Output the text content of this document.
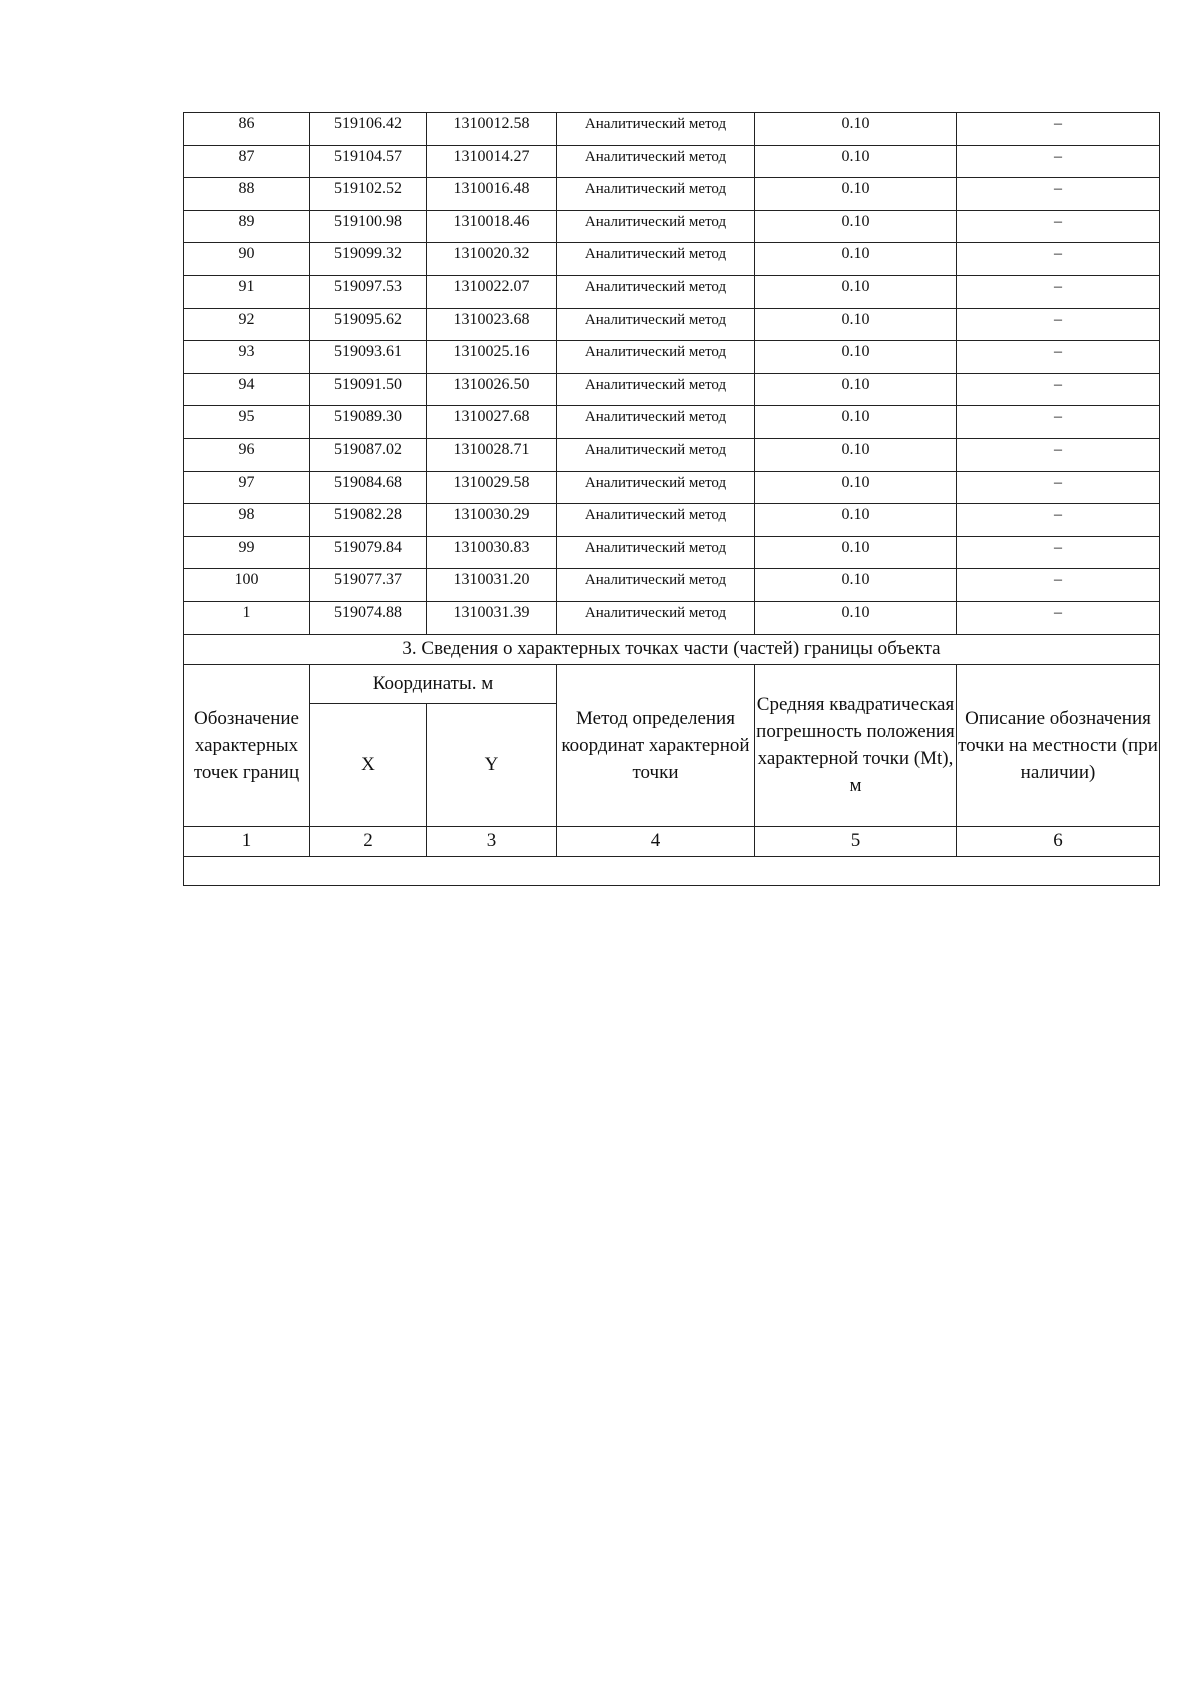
86	519106.42	1310012.58	Аналитический метод	0.10	–
87	519104.57	1310014.27	Аналитический метод	0.10	–
88	519102.52	1310016.48	Аналитический метод	0.10	–
89	519100.98	1310018.46	Аналитический метод	0.10	–
90	519099.32	1310020.32	Аналитический метод	0.10	–
91	519097.53	1310022.07	Аналитический метод	0.10	–
92	519095.62	1310023.68	Аналитический метод	0.10	–
93	519093.61	1310025.16	Аналитический метод	0.10	–
94	519091.50	1310026.50	Аналитический метод	0.10	–
95	519089.30	1310027.68	Аналитический метод	0.10	–
96	519087.02	1310028.71	Аналитический метод	0.10	–
97	519084.68	1310029.58	Аналитический метод	0.10	–
98	519082.28	1310030.29	Аналитический метод	0.10	–
99	519079.84	1310030.83	Аналитический метод	0.10	–
100	519077.37	1310031.20	Аналитический метод	0.10	–
1	519074.88	1310031.39	Аналитический метод	0.10	–
3. Сведения о характерных точках части (частей) границы объекта					
Обозначение характерных точек границ	Координаты. м		Метод определения координат характерной точки	Средняя квадратическая погрешность положения характерной точки (Mt), м	Описание обозначения точки на местности (при наличии)
	X	Y			
1	2	3	4	5	6
